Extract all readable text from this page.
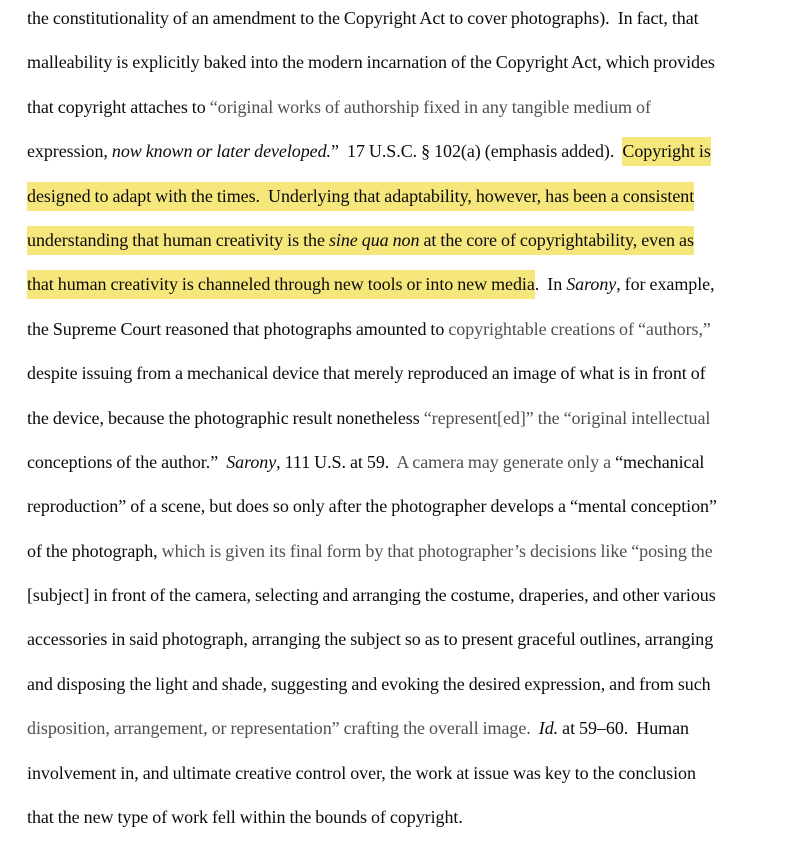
the constitutionality of an amendment to the Copyright Act to cover photographs).  In fact, that
malleability is explicitly baked into the modern incarnation of the Copyright Act, which provides
that copyright attaches to “original works of authorship fixed in any tangible medium of
expression, now known or later developed.”  17 U.S.C. § 102(a) (emphasis added).  Copyright is
designed to adapt with the times.  Underlying that adaptability, however, has been a consistent
understanding that human creativity is the sine qua non at the core of copyrightability, even as
that human creativity is channeled through new tools or into new media.  In Sarony, for example,
the Supreme Court reasoned that photographs amounted to copyrightable creations of “authors,”
despite issuing from a mechanical device that merely reproduced an image of what is in front of
the device, because the photographic result nonetheless “represent[ed]” the “original intellectual
conceptions of the author.”  Sarony, 111 U.S. at 59.  A camera may generate only a “mechanical
reproduction” of a scene, but does so only after the photographer develops a “mental conception”
of the photograph, which is given its final form by that photographer’s decisions like “posing the
[subject] in front of the camera, selecting and arranging the costume, draperies, and other various
accessories in said photograph, arranging the subject so as to present graceful outlines, arranging
and disposing the light and shade, suggesting and evoking the desired expression, and from such
disposition, arrangement, or representation” crafting the overall image.  Id. at 59–60.  Human
involvement in, and ultimate creative control over, the work at issue was key to the conclusion
that the new type of work fell within the bounds of copyright.
